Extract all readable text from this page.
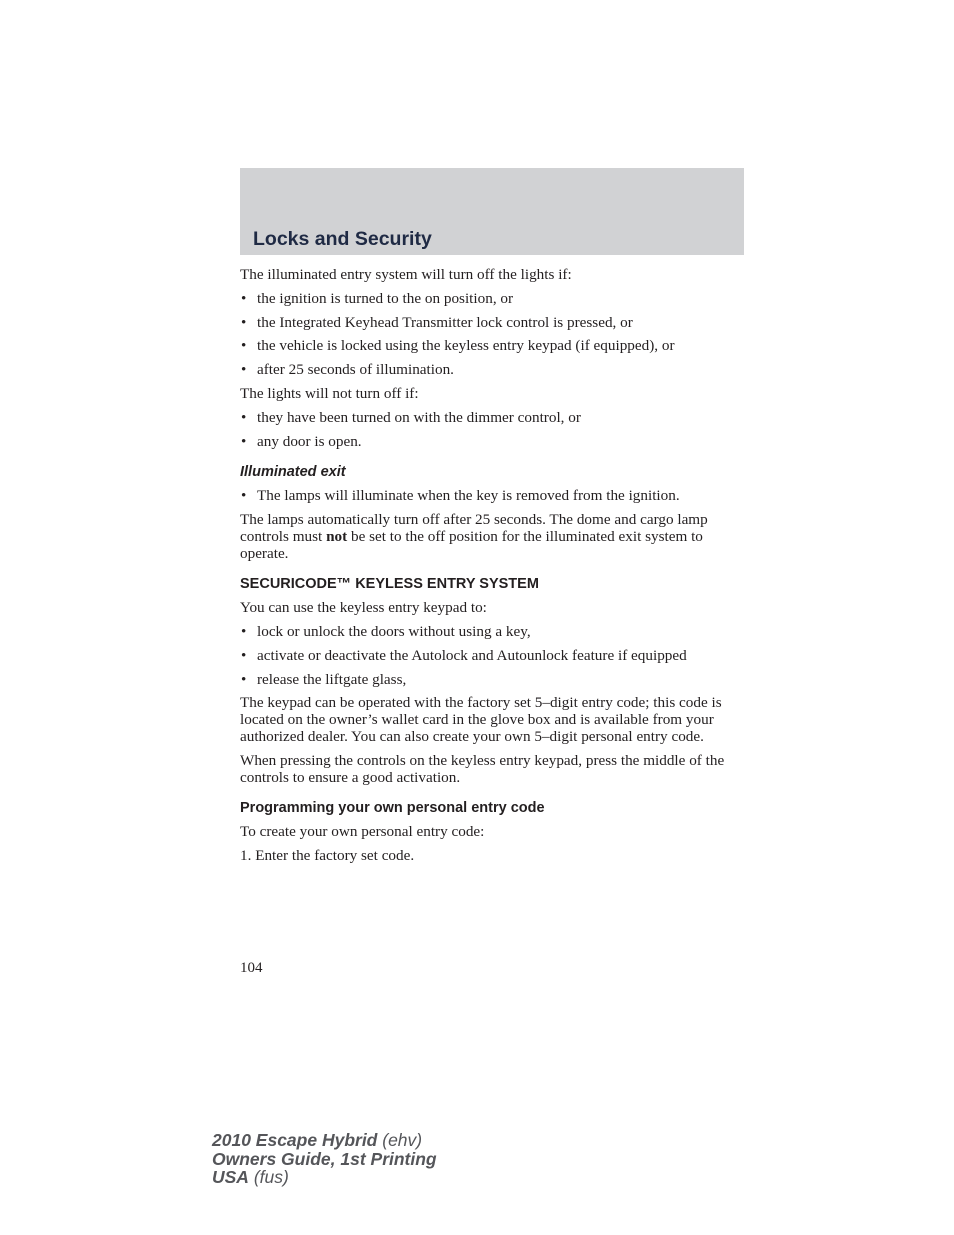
Locks and Security

The illuminated entry system will turn off the lights if:

• the ignition is turned to the on position, or
• the Integrated Keyhead Transmitter lock control is pressed, or
• the vehicle is locked using the keyless entry keypad (if equipped), or
• after 25 seconds of illumination.

The lights will not turn off if:

• they have been turned on with the dimmer control, or
• any door is open.
Illuminated exit
• The lamps will illuminate when the key is removed from the ignition.

The lamps automatically turn off after 25 seconds. The dome and cargo lamp controls must not be set to the off position for the illuminated exit system to operate.

SECURICODE™ KEYLESS ENTRY SYSTEM

You can use the keyless entry keypad to:

• lock or unlock the doors without using a key,
• activate or deactivate the Autolock and Autounlock feature if equipped
• release the liftgate glass,

The keypad can be operated with the factory set 5–digit entry code; this code is located on the owner’s wallet card in the glove box and is available from your authorized dealer. You can also create your own 5–digit personal entry code.

When pressing the controls on the keyless entry keypad, press the middle of the controls to ensure a good activation.

Programming your own personal entry code

To create your own personal entry code:

1. Enter the factory set code.

104
2010 Escape Hybrid (ehv)
Owners Guide, 1st Printing
USA (fus)
